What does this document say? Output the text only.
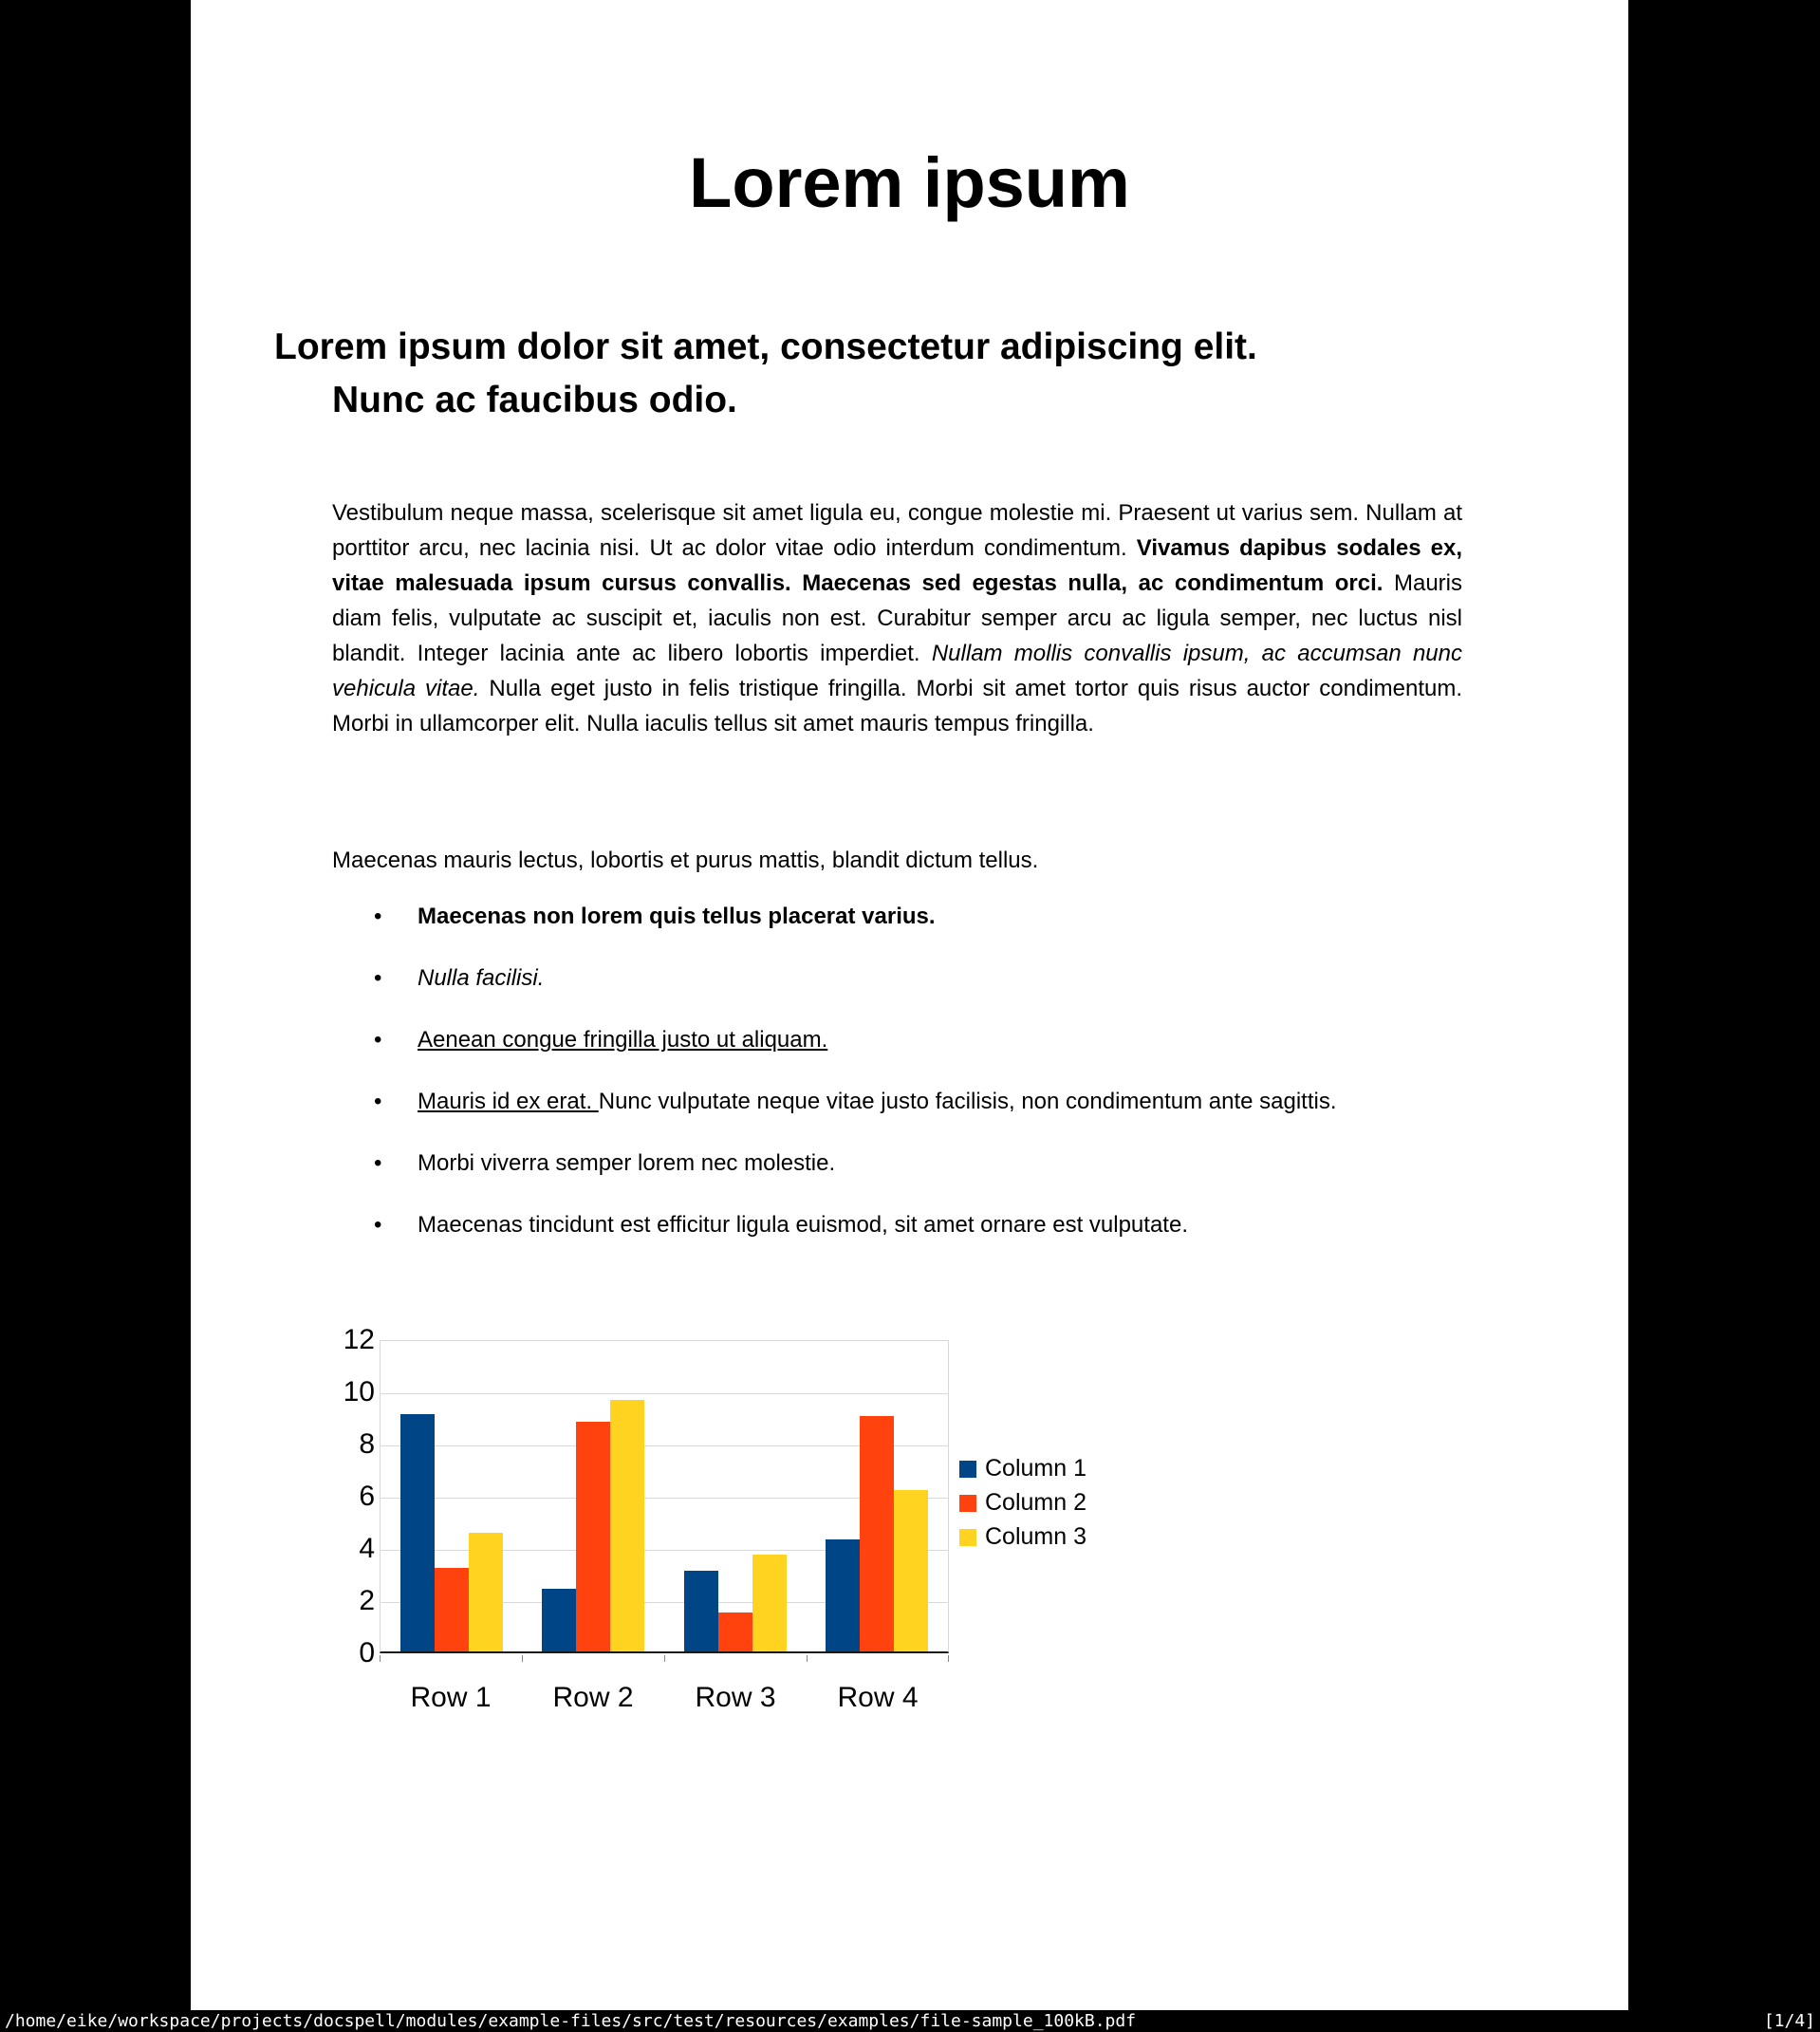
Lorem ipsum
Lorem ipsum dolor sit amet, consectetur adipiscing elit.
Nunc ac faucibus odio.
Vestibulum neque massa, scelerisque sit amet ligula eu, congue molestie mi. Praesent ut varius sem. Nullam at porttitor arcu, nec lacinia nisi. Ut ac dolor vitae odio interdum condimentum. Vivamus dapibus sodales ex, vitae malesuada ipsum cursus convallis. Maecenas sed egestas nulla, ac condimentum orci. Mauris diam felis, vulputate ac suscipit et, iaculis non est. Curabitur semper arcu ac ligula semper, nec luctus nisl blandit. Integer lacinia ante ac libero lobortis imperdiet. Nullam mollis convallis ipsum, ac accumsan nunc vehicula vitae. Nulla eget justo in felis tristique fringilla. Morbi sit amet tortor quis risus auctor condimentum. Morbi in ullamcorper elit. Nulla iaculis tellus sit amet mauris tempus fringilla.
Maecenas mauris lectus, lobortis et purus mattis, blandit dictum tellus.
• Maecenas non lorem quis tellus placerat varius.
• Nulla facilisi.
• Aenean congue fringilla justo ut aliquam.
• Mauris id ex erat. Nunc vulputate neque vitae justo facilisis, non condimentum ante sagittis.
• Morbi viverra semper lorem nec molestie.
• Maecenas tincidunt est efficitur ligula euismod, sit amet ornare est vulputate.
12
10
8
6
4
2
0
Row 1	Row 2	Row 3	Row 4
Column 1
Column 2
Column 3
/home/eike/workspace/projects/docspell/modules/example-files/src/test/resources/examples/file-sample_100kB.pdf	[1/4]
